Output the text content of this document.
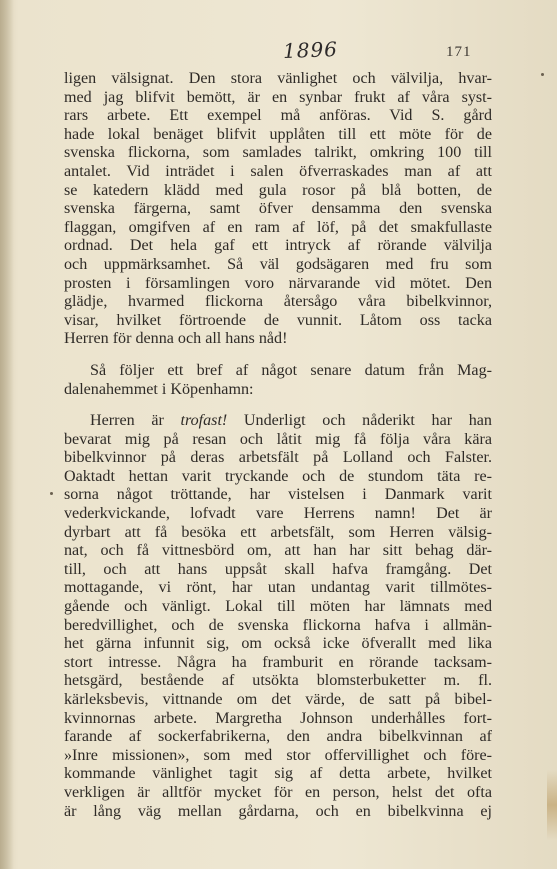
1896	171
ligen välsignat. Den stora vänlighet och välvilja, hvar-
med jag blifvit bemött, är en synbar frukt af våra syst-
rars arbete. Ett exempel må anföras. Vid S. gård
hade lokal benäget blifvit upplåten till ett möte för de
svenska flickorna, som samlades talrikt, omkring 100 till
antalet. Vid inträdet i salen öfverraskades man af att
se katedern klädd med gula rosor på blå botten, de
svenska färgerna, samt öfver densamma den svenska
flaggan, omgifven af en ram af löf, på det smakfullaste
ordnad. Det hela gaf ett intryck af rörande välvilja
och uppmärksamhet. Så väl godsägaren med fru som
prosten i församlingen voro närvarande vid mötet. Den
glädje, hvarmed flickorna återsågo våra bibelkvinnor,
visar, hvilket förtroende de vunnit. Låtom oss tacka
Herren för denna och all hans nåd!
Så följer ett bref af något senare datum från Mag-
dalenahemmet i Köpenhamn:
Herren är trofast! Underligt och nåderikt har han
bevarat mig på resan och låtit mig få följa våra kära
bibelkvinnor på deras arbetsfält på Lolland och Falster.
Oaktadt hettan varit tryckande och de stundom täta re-
sorna något tröttande, har vistelsen i Danmark varit
vederkvickande, lofvadt vare Herrens namn! Det är
dyrbart att få besöka ett arbetsfält, som Herren välsig-
nat, och få vittnesbörd om, att han har sitt behag där-
till, och att hans uppsåt skall hafva framgång. Det
mottagande, vi rönt, har utan undantag varit tillmötes-
gående och vänligt. Lokal till möten har lämnats med
beredvillighet, och de svenska flickorna hafva i allmän-
het gärna infunnit sig, om också icke öfverallt med lika
stort intresse. Några ha framburit en rörande tacksam-
hetsgärd, bestående af utsökta blomsterbuketter m. fl.
kärleksbevis, vittnande om det värde, de satt på bibel-
kvinnornas arbete. Margretha Johnson underhålles fort-
farande af sockerfabrikerna, den andra bibelkvinnan af
»Inre missionen», som med stor offervillighet och före-
kommande vänlighet tagit sig af detta arbete, hvilket
verkligen är alltför mycket för en person, helst det ofta
är lång väg mellan gårdarna, och en bibelkvinna ej
